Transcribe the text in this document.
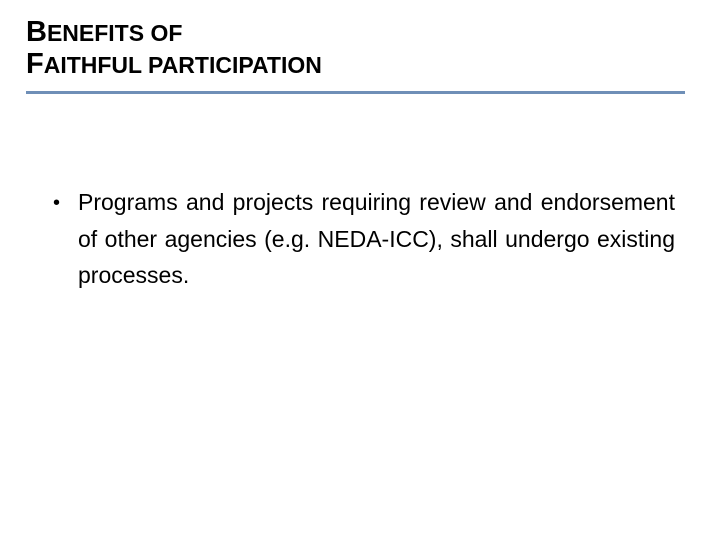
BENEFITS OF
FAITHFUL PARTICIPATION
• Programs and projects requiring review and endorsement of other agencies (e.g. NEDA-ICC), shall undergo existing processes.
